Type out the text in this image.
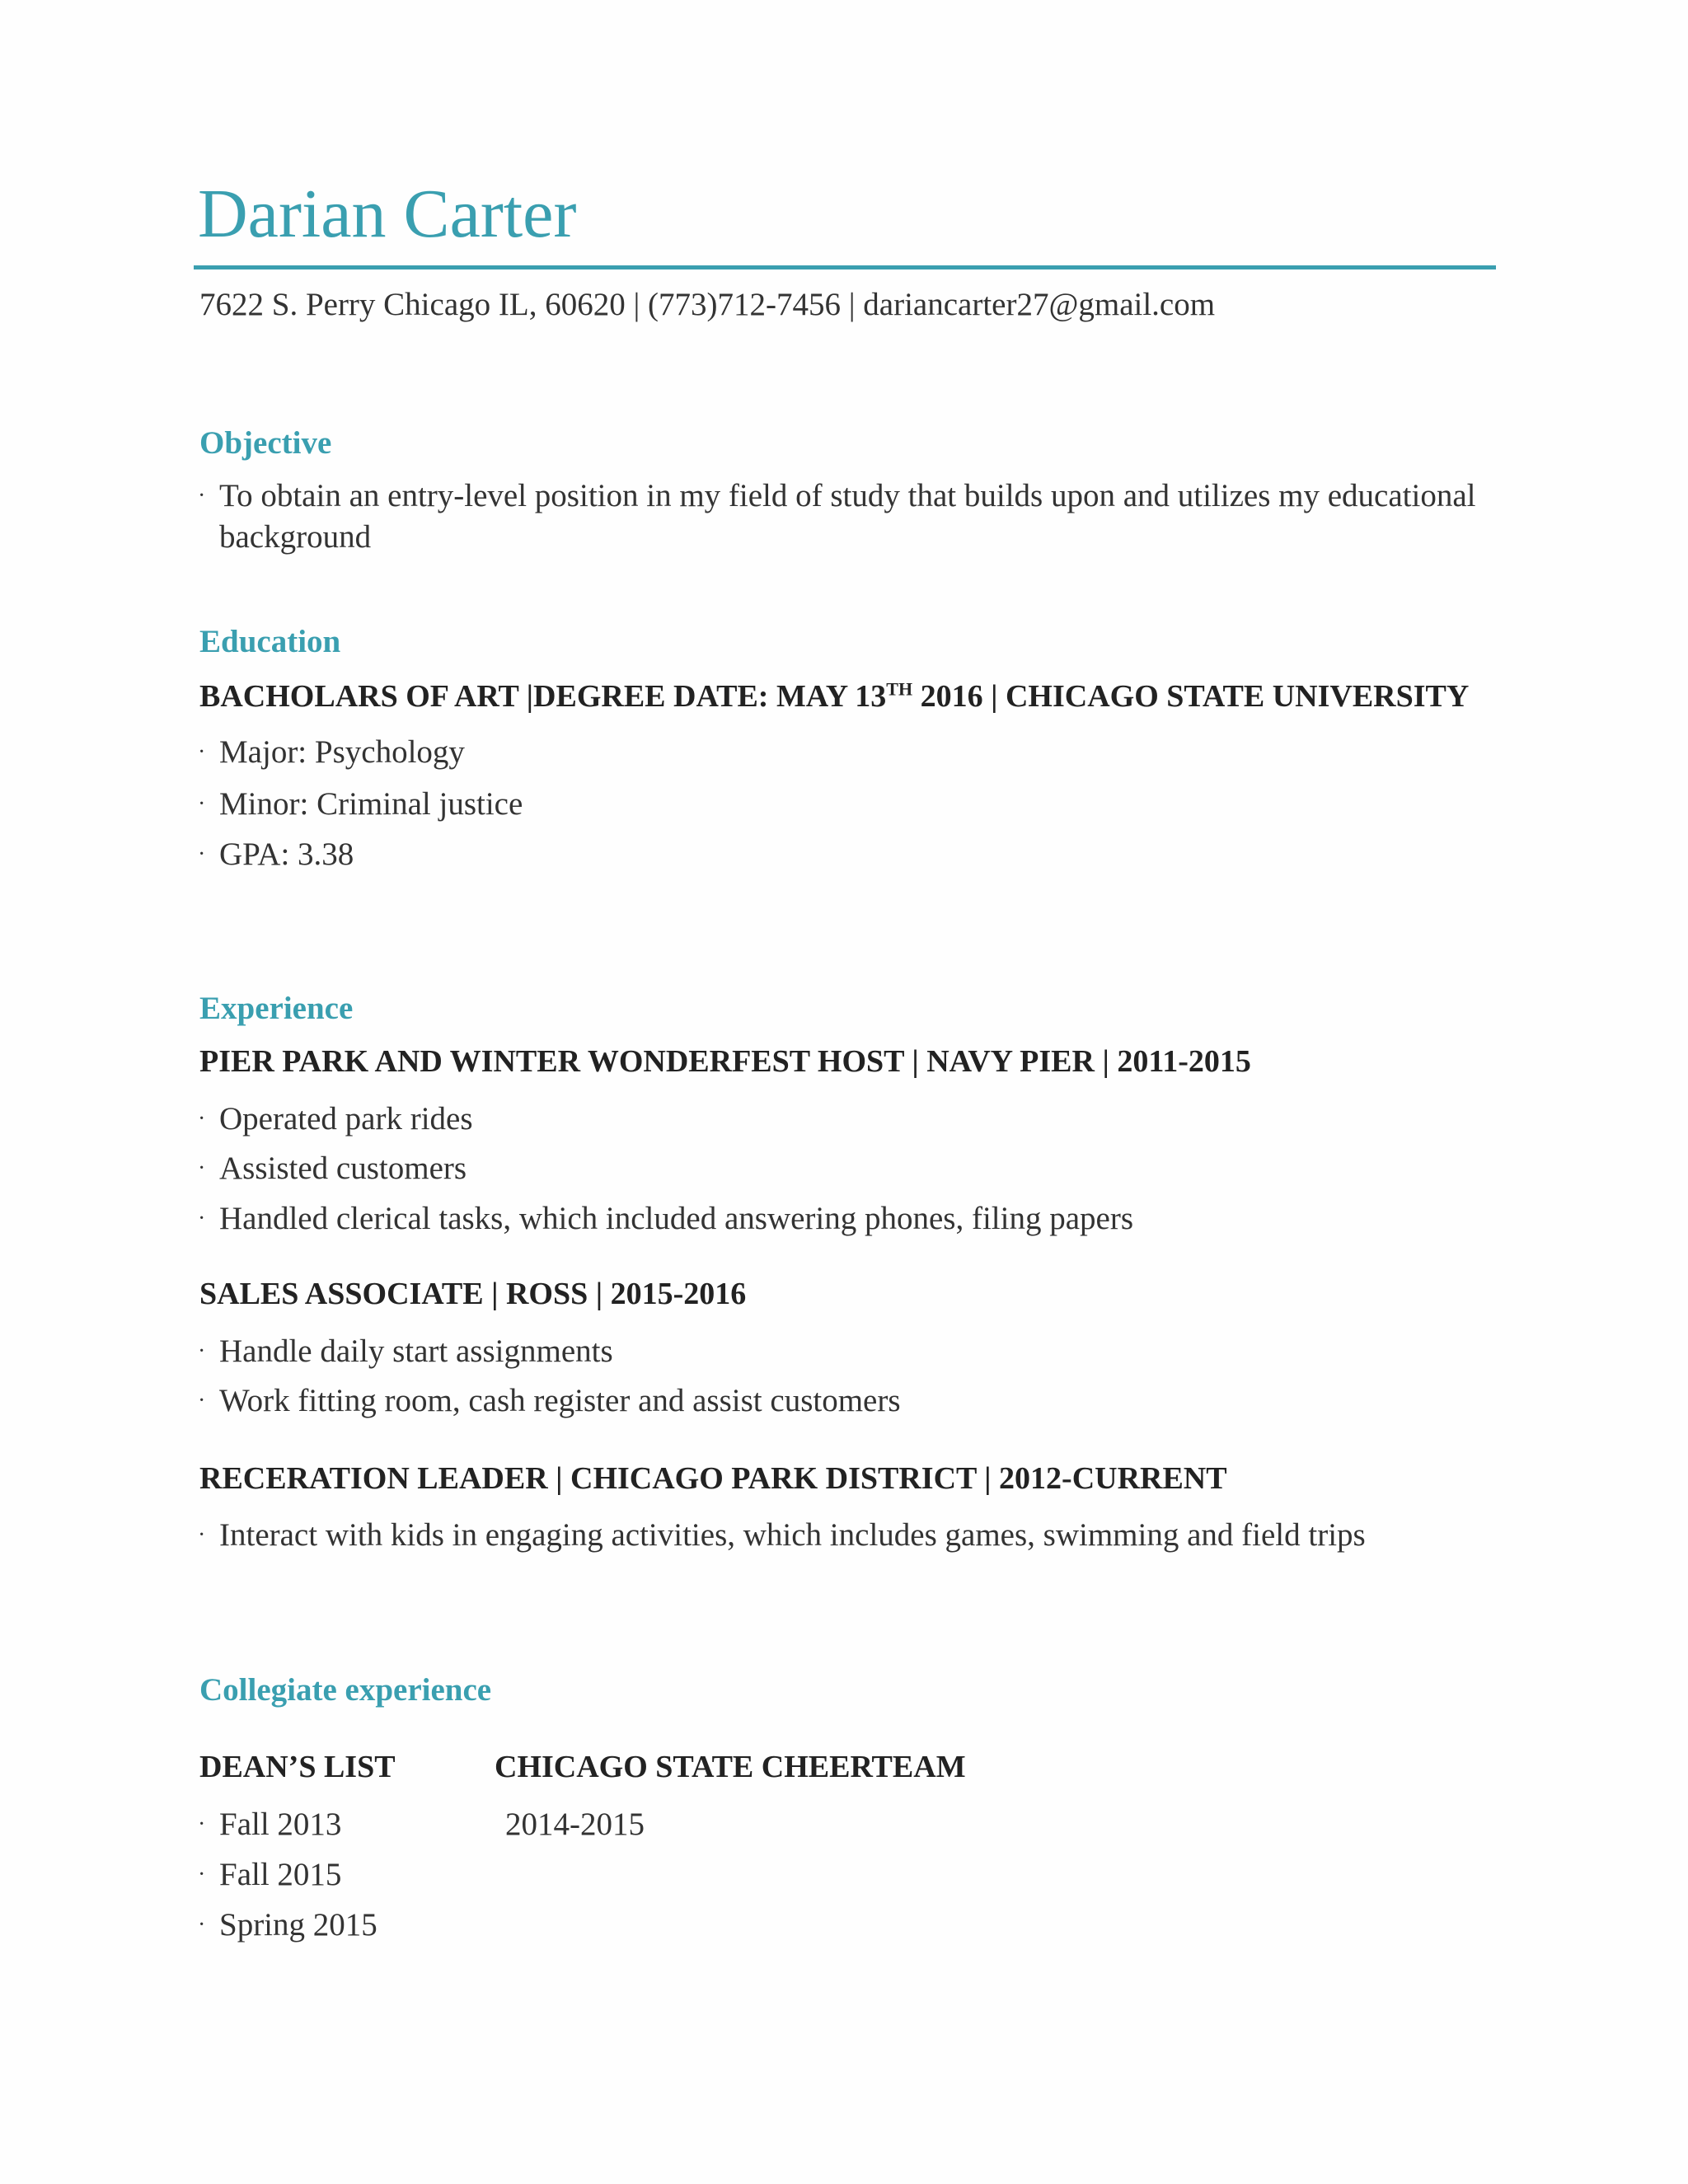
Darian Carter
7622 S. Perry Chicago IL, 60620 | (773)712-7456 | dariancarter27@gmail.com
Objective
· To obtain an entry-level position in my field of study that builds upon and utilizes my educational background
Education
BACHOLARS OF ART |DEGREE DATE: MAY 13TH 2016 | CHICAGO STATE UNIVERSITY
· Major: Psychology
· Minor: Criminal justice
· GPA: 3.38
Experience
PIER PARK AND WINTER WONDERFEST HOST | NAVY PIER | 2011-2015
· Operated park rides
· Assisted customers
· Handled clerical tasks, which included answering phones, filing papers
SALES ASSOCIATE | ROSS | 2015-2016
· Handle daily start assignments
· Work fitting room, cash register and assist customers
RECERATION LEADER | CHICAGO PARK DISTRICT | 2012-CURRENT
· Interact with kids in engaging activities, which includes games, swimming and field trips
Collegiate experience
DEAN’S LIST	CHICAGO STATE CHEERTEAM
· Fall 2013	2014-2015
· Fall 2015
· Spring 2015
